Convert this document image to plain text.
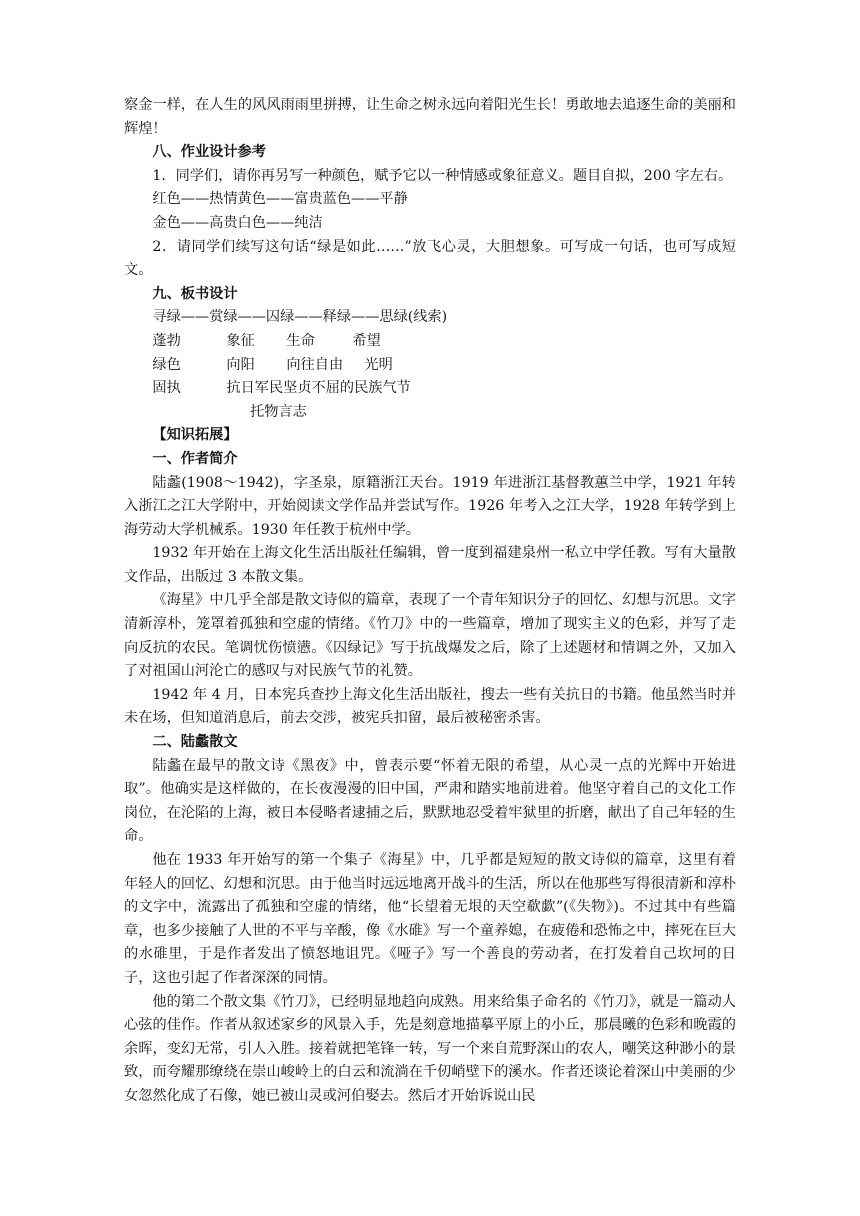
察金一样，在人生的风风雨雨里拼搏，让生命之树永远向着阳光生长！勇敢地去追逐生命的美丽和辉煌！

八、作业设计参考

1．同学们，请你再另写一种颜色，赋予它以一种情感或象征意义。题目自拟，200 字左右。

红色——热情黄色——富贵蓝色——平静

金色——高贵白色——纯洁

2．请同学们续写这句话“绿是如此……”放飞心灵，大胆想象。可写成一句话，也可写成短文。

九、板书设计

寻绿——赏绿——囚绿——释绿——思绿(线索)

蓬勃	象征	生命	希望
绿色	向阳	向往自由	光明
固执	抗日军民坚贞不屈的民族气节

托物言志

【知识拓展】

一、作者简介

陆蠡(1908～1942)，字圣泉，原籍浙江天台。1919 年进浙江基督教蕙兰中学，1921 年转入浙江之江大学附中，开始阅读文学作品并尝试写作。1926 年考入之江大学，1928 年转学到上海劳动大学机械系。1930 年任教于杭州中学。

1932 年开始在上海文化生活出版社任编辑，曾一度到福建泉州一私立中学任教。写有大量散文作品，出版过 3 本散文集。

《海星》中几乎全部是散文诗似的篇章，表现了一个青年知识分子的回忆、幻想与沉思。文字清新淳朴，笼罩着孤独和空虚的情绪。《竹刀》中的一些篇章，增加了现实主义的色彩，并写了走向反抗的农民。笔调忧伤愤懑。《囚绿记》写于抗战爆发之后，除了上述题材和情调之外，又加入了对祖国山河沦亡的感叹与对民族气节的礼赞。

1942 年 4 月，日本宪兵查抄上海文化生活出版社，搜去一些有关抗日的书籍。他虽然当时并未在场，但知道消息后，前去交涉，被宪兵扣留，最后被秘密杀害。

二、陆蠡散文

陆蠡在最早的散文诗《黑夜》中，曾表示要“怀着无限的希望，从心灵一点的光辉中开始进取”。他确实是这样做的，在长夜漫漫的旧中国，严肃和踏实地前进着。他坚守着自己的文化工作岗位，在沦陷的上海，被日本侵略者逮捕之后，默默地忍受着牢狱里的折磨，献出了自己年轻的生命。

他在 1933 年开始写的第一个集子《海星》中，几乎都是短短的散文诗似的篇章，这里有着年轻人的回忆、幻想和沉思。由于他当时远远地离开战斗的生活，所以在他那些写得很清新和淳朴的文字中，流露出了孤独和空虚的情绪，他“长望着无垠的天空欷歔”(《失物》)。不过其中有些篇章，也多少接触了人世的不平与辛酸，像《水碓》写一个童养媳，在疲倦和恐怖之中，摔死在巨大的水碓里，于是作者发出了愤怒地诅咒。《哑子》写一个善良的劳动者，在打发着自己坎坷的日子，这也引起了作者深深的同情。

他的第二个散文集《竹刀》，已经明显地趋向成熟。用来给集子命名的《竹刀》，就是一篇动人心弦的佳作。作者从叙述家乡的风景入手，先是刻意地描摹平原上的小丘，那晨曦的色彩和晚霞的余晖，变幻无常，引人入胜。接着就把笔锋一转，写一个来自荒野深山的农人，嘲笑这种渺小的景致，而夸耀那缭绕在崇山峻岭上的白云和流淌在千仞峭壁下的溪水。作者还谈论着深山中美丽的少女忽然化成了石像，她已被山灵或河伯娶去。然后才开始诉说山民
